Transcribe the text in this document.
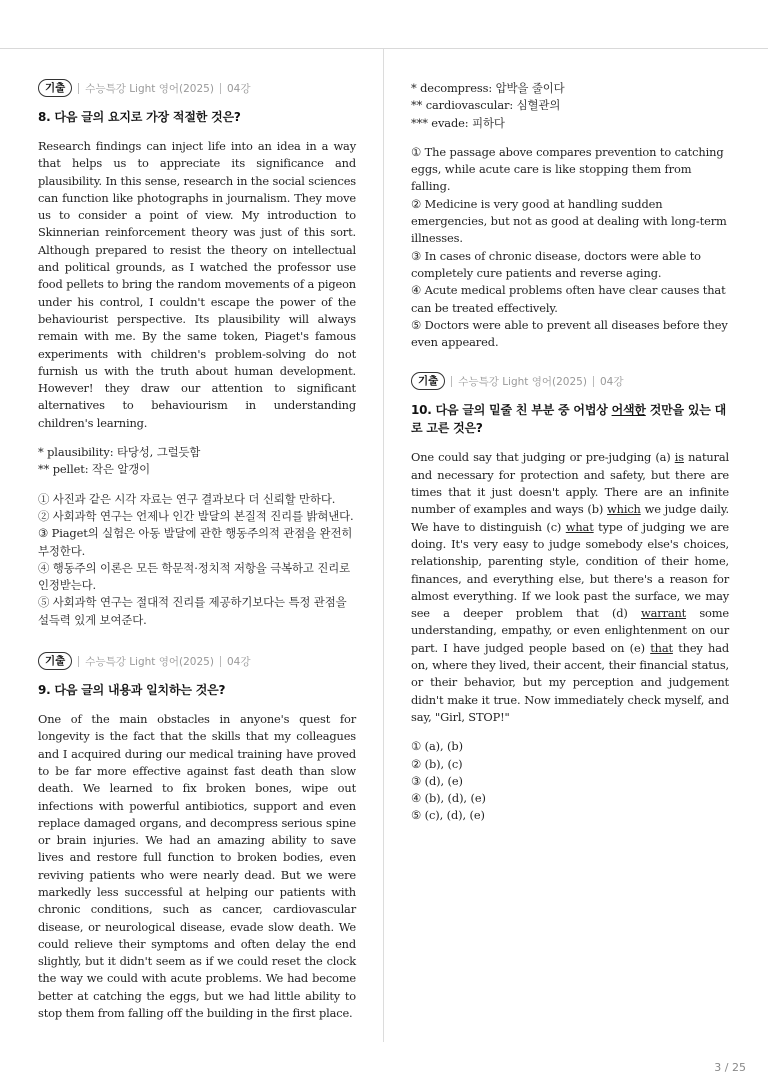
기출	수능특강 Light 영어(2025) 04강

8. 다음 글의 요지로 가장 적절한 것은?

Research findings can inject life into an idea in a way that helps us to appreciate its significance and plausibility. In this sense, research in the social sciences can function like photographs in journalism. They move us to consider a point of view. My introduction to Skinnerian reinforcement theory was just of this sort. Although prepared to resist the theory on intellectual and political grounds, as I watched the professor use food pellets to bring the random movements of a pigeon under his control, I couldn't escape the power of the behaviourist perspective. Its plausibility will always remain with me. By the same token, Piaget's famous experiments with children's problem-solving do not furnish us with the truth about human development. However! they draw our attention to significant alternatives to behaviourism in understanding children's learning.

* plausibility: 타당성, 그럴듯함
** pellet: 작은 알갱이
① 사진과 같은 시각 자료는 연구 결과보다 더 신뢰할 만하다.
② 사회과학 연구는 언제나 인간 발달의 본질적 진리를 밝혀낸다.
③ Piaget의 실험은 아동 발달에 관한 행동주의적 관점을 완전히 부정한다.
④ 행동주의 이론은 모든 학문적·정치적 저항을 극복하고 진리로 인정받는다.
⑤ 사회과학 연구는 절대적 진리를 제공하기보다는 특정 관점을 설득력 있게 보여준다.
기출	수능특강 Light 영어(2025) 04강

9. 다음 글의 내용과 일치하는 것은?

One of the main obstacles in anyone's quest for longevity is the fact that the skills that my colleagues and I acquired during our medical training have proved to be far more effective against fast death than slow death. We learned to fix broken bones, wipe out infections with powerful antibiotics, support and even replace damaged organs, and decompress serious spine or brain injuries. We had an amazing ability to save lives and restore full function to broken bodies, even reviving patients who were nearly dead. But we were markedly less successful at helping our patients with chronic conditions, such as cancer, cardiovascular disease, or neurological disease, evade slow death. We could relieve their symptoms and often delay the end slightly, but it didn't seem as if we could reset the clock the way we could with acute problems. We had become better at catching the eggs, but we had little ability to stop them from falling off the building in the first place.

* decompress: 압박을 줄이다
** cardiovascular: 심혈관의
*** evade: 피하다
① The passage above compares prevention to catching eggs, while acute care is like stopping them from falling.
② Medicine is very good at handling sudden emergencies, but not as good at dealing with long-term illnesses.
③ In cases of chronic disease, doctors were able to completely cure patients and reverse aging.
④ Acute medical problems often have clear causes that can be treated effectively.
⑤ Doctors were able to prevent all diseases before they even appeared.
기출	수능특강 Light 영어(2025) 04강

10. 다음 글의 밑줄 친 부분 중 어법상 어색한 것만을 있는 대로 고른 것은?

One could say that judging or pre-judging (a) is natural and necessary for protection and safety, but there are times that it just doesn't apply. There are an infinite number of examples and ways (b) which we judge daily. We have to distinguish (c) what type of judging we are doing. It's very easy to judge somebody else's choices, relationship, parenting style, condition of their home, finances, and everything else, but there's a reason for almost everything. If we look past the surface, we may see a deeper problem that (d) warrant some understanding, empathy, or even enlightenment on our part. I have judged people based on (e) that they had on, where they lived, their accent, their financial status, or their behavior, but my perception and judgement didn't make it true. Now immediately check myself, and say, "Girl, STOP!"

① (a), (b)
② (b), (c)
③ (d), (e)
④ (b), (d), (e)
⑤ (c), (d), (e)
3 / 25
